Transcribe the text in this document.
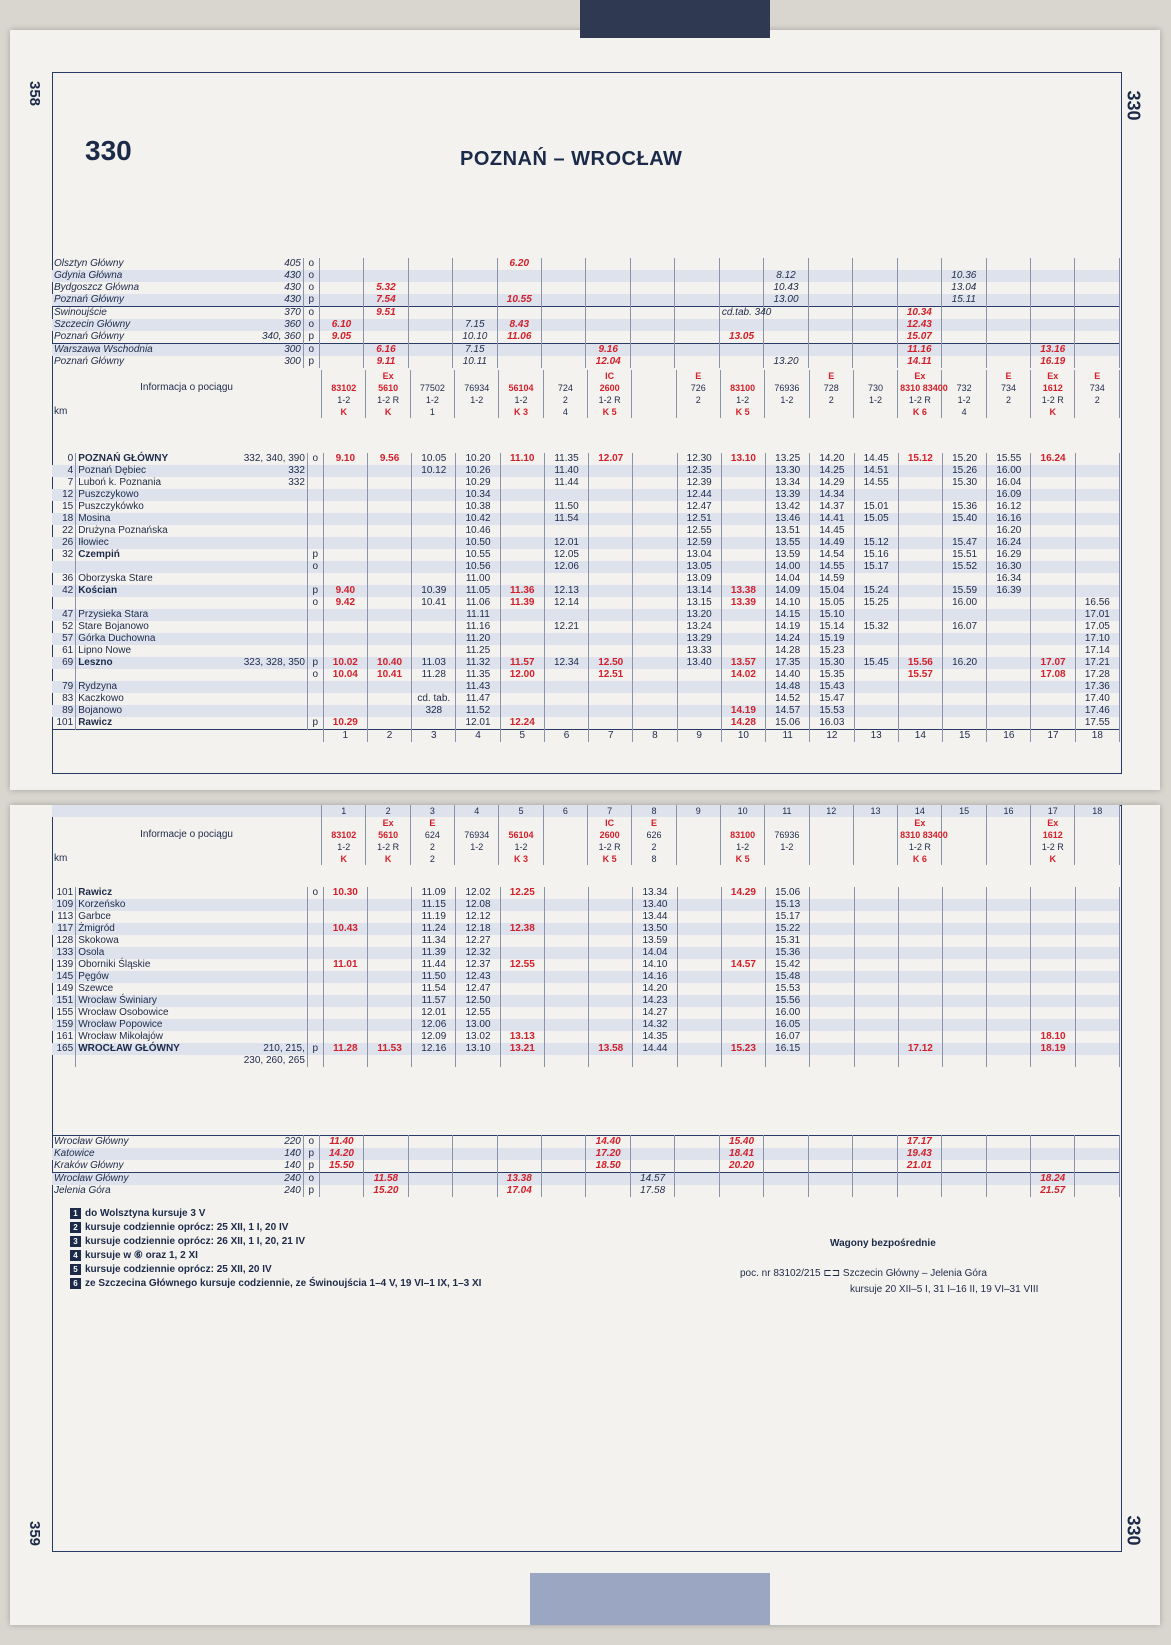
358	330
330	POZNAŃ – WROCŁAW
Olsztyn Główny 405	o					6.20													
Gdynia Główna 430	o											8.12				10.36			
Bydgoszcz Główna 430	o		5.32									10.43				13.04			
Poznań Główny 430	p		7.54			10.55						13.00				15.11			
Świnoujście 370	o		9.51								cd.tab. 340				10.34				
Szczecin Główny 360	o	6.10			7.15	8.43									12.43				
Poznań Główny 340, 360	p	9.05			10.10	11.06					13.05				15.07				
Warszawa Wschodnia 300	o		6.16		7.15			9.16							11.16			13.16	
Poznań Główny 300	p		9.11		10.11			12.04				13.20			14.11			16.19	
		Ex					IC		E			E		Ex		E	Ex	E
Informacja o pociągu	83102	5610	77502	76934	56104	724	2600		726	83100	76936	728	730	8310 83400	732	734	1612	734
	1-2	1-2 R	1-2	1-2	1-2	2	1-2 R		2	1-2	1-2	2	1-2	1-2 R	1-2	2	1-2 R	2
km	K	K	1		K 3	4	K 5			K 5				K 6	4		K	
0	POZNAŃ GŁÓWNY 332, 340, 390	o	9.10	9.56	10.05	10.20	11.10	11.35	12.07		12.30	13.10	13.25	14.20	14.45	15.12	15.20	15.55	16.24	
4	Poznań Dębiec 332				10.12	10.26		11.40			12.35		13.30	14.25	14.51		15.26	16.00		
7	Luboń k. Poznania 332					10.29		11.44			12.39		13.34	14.29	14.55		15.30	16.04		
12	Puszczykowo					10.34					12.44		13.39	14.34				16.09		
15	Puszczykówko					10.38		11.50			12.47		13.42	14.37	15.01		15.36	16.12		
18	Mosina					10.42		11.54			12.51		13.46	14.41	15.05		15.40	16.16		
22	Drużyna Poznańska					10.46					12.55		13.51	14.45				16.20		
26	Iłowiec					10.50		12.01			12.59		13.55	14.49	15.12		15.47	16.24		
32	Czempiń	p				10.55		12.05			13.04		13.59	14.54	15.16		15.51	16.29		

	o				10.56		12.06			13.05		14.00	14.55	15.17		15.52	16.30		
36	Oborzyska Stare					11.00					13.09		14.04	14.59				16.34		
42	Kościan	p	9.40		10.39	11.05	11.36	12.13			13.14	13.38	14.09	15.04	15.24		15.59	16.39		

	o	9.42		10.41	11.06	11.39	12.14			13.15	13.39	14.10	15.05	15.25		16.00			16.56
47	Przysieka Stara					11.11					13.20		14.15	15.10						17.01
52	Stare Bojanowo					11.16		12.21			13.24		14.19	15.14	15.32		16.07			17.05
57	Górka Duchowna					11.20					13.29		14.24	15.19						17.10
61	Lipno Nowe					11.25					13.33		14.28	15.23						17.14
69	Leszno 323, 328, 350	p	10.02	10.40	11.03	11.32	11.57	12.34	12.50		13.40	13.57	17.35	15.30	15.45	15.56	16.20		17.07	17.21

	o	10.04	10.41	11.28	11.35	12.00		12.51			14.02	14.40	15.35		15.57			17.08	17.28
79	Rydzyna					11.43							14.48	15.43						17.36
83	Kaczkowo				cd. tab.	11.47							14.52	15.47						17.40
89	Bojanowo				328	11.52						14.19	14.57	15.53						17.46
101	Rawicz	p	10.29			12.01	12.24					14.28	15.06	16.03						17.55
			1	2	3	4	5	6	7	8	9	10	11	12	13	14	15	16	17	18
359	330
	1	2	3	4	5	6	7	8	9	10	11	12	13	14	15	16	17	18
		Ex	E				IC	E						Ex			Ex	
Informacje o pociągu	83102	5610	624	76934	56104		2600	626		83100	76936			8310 83400			1612	
	1-2	1-2 R	2	1-2	1-2		1-2 R	2		1-2	1-2			1-2 R			1-2 R	
km	K	K	2		K 3		K 5	8		K 5				K 6			K	
101	Rawicz	o	10.30		11.09	12.02	12.25			13.34		14.29	15.06							
109	Korzeńsko				11.15	12.08				13.40			15.13							
113	Garbce				11.19	12.12				13.44			15.17							
117	Żmigród		10.43		11.24	12.18	12.38			13.50			15.22							
128	Skokowa				11.34	12.27				13.59			15.31							
133	Osola				11.39	12.32				14.04			15.36							
139	Oborniki Śląskie		11.01		11.44	12.37	12.55			14.10		14.57	15.42							
145	Pęgów				11.50	12.43				14.16			15.48							
149	Szewce				11.54	12.47				14.20			15.53							
151	Wrocław Świniary				11.57	12.50				14.23			15.56							
155	Wrocław Osobowice				12.01	12.55				14.27			16.00							
159	Wrocław Popowice				12.06	13.00				14.32			16.05							
161	Wrocław Mikołajów				12.09	13.02	13.13			14.35			16.07						18.10	
165	WROCŁAW GŁÓWNY 210, 215,	p	11.28	11.53	12.16	13.10	13.21		13.58	14.44		15.23	16.15			17.12			18.19	

	230, 260, 265																			

Wrocław Główny 220	o	11.40						14.40			15.40				17.17				
Katowice 140	p	14.20						17.20			18.41				19.43				
Kraków Główny 140	p	15.50						18.50			20.20				21.01				
Wrocław Główny 240	o		11.58			13.38			14.57									18.24	
Jelenia Góra 240	p		15.20			17.04			17.58									21.57	
1 do Wolsztyna kursuje 3 V
2 kursuje codziennie oprócz: 25 XII, 1 I, 20 IV
3 kursuje codziennie oprócz: 26 XII, 1 I, 20, 21 IV
4 kursuje w ⑥ oraz 1, 2 XI
5 kursuje codziennie oprócz: 25 XII, 20 IV
6 ze Szczecina Głównego kursuje codziennie, ze Świnoujścia 1–4 V, 19 VI–1 IX, 1–3 XI
Wagony bezpośrednie
poc. nr 83102/215 ⊏⊐ Szczecin Główny – Jelenia Góra
kursuje 20 XII–5 I, 31 I–16 II, 19 VI–31 VIII
